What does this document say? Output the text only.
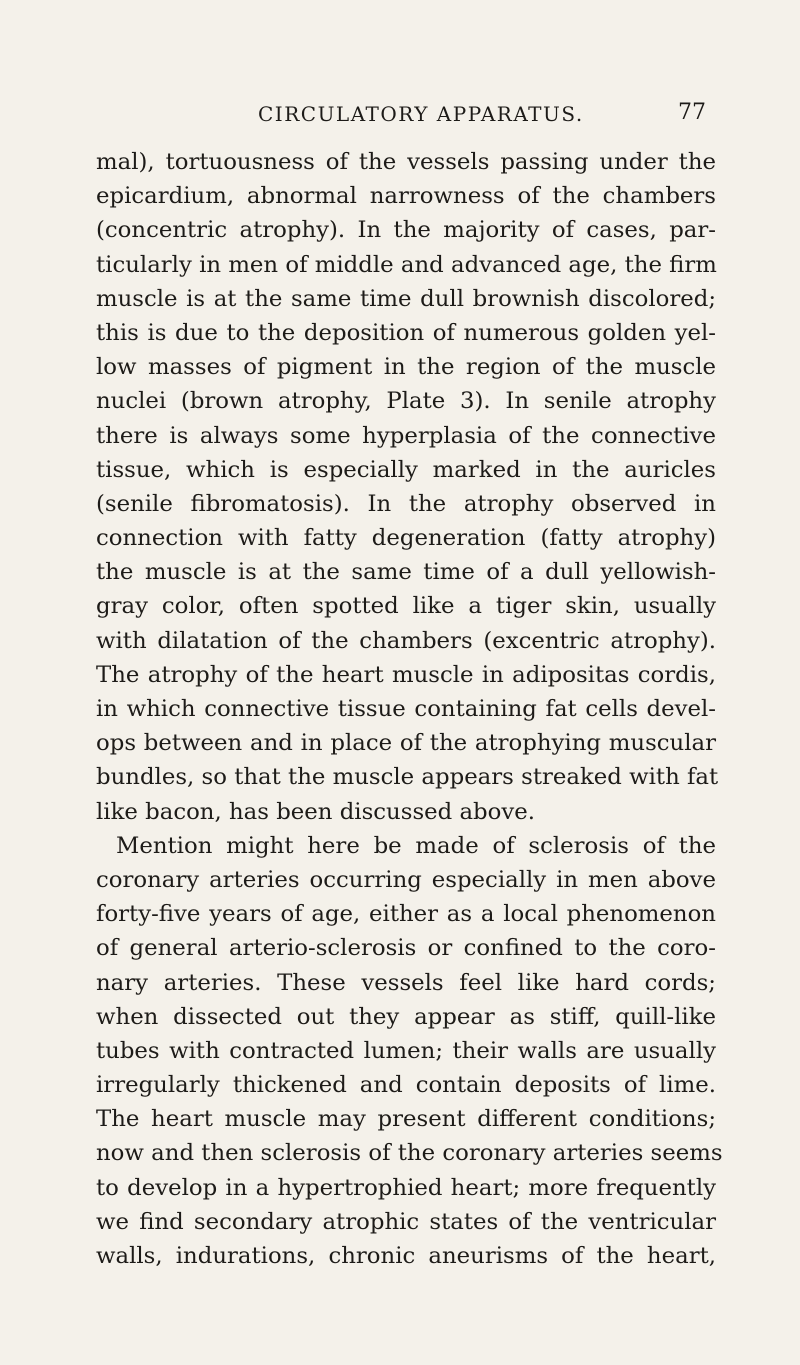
CIRCULATORY APPARATUS.	77
mal), tortuousness of the vessels passing under the
epicardium, abnormal narrowness of the chambers
(concentric atrophy). In the majority of cases, par-
ticularly in men of middle and advanced age, the firm
muscle is at the same time dull brownish discolored;
this is due to the deposition of numerous golden yel-
low masses of pigment in the region of the muscle
nuclei (brown atrophy, Plate 3). In senile atrophy
there is always some hyperplasia of the connective
tissue, which is especially marked in the auricles
(senile fibromatosis). In the atrophy observed in
connection with fatty degeneration (fatty atrophy)
the muscle is at the same time of a dull yellowish-
gray color, often spotted like a tiger skin, usually
with dilatation of the chambers (excentric atrophy).
The atrophy of the heart muscle in adipositas cordis,
in which connective tissue containing fat cells devel-
ops between and in place of the atrophying muscular
bundles, so that the muscle appears streaked with fat
like bacon, has been discussed above.
Mention might here be made of sclerosis of the
coronary arteries occurring especially in men above
forty-five years of age, either as a local phenomenon
of general arterio-sclerosis or confined to the coro-
nary arteries. These vessels feel like hard cords;
when dissected out they appear as stiff, quill-like
tubes with contracted lumen; their walls are usually
irregularly thickened and contain deposits of lime.
The heart muscle may present different conditions;
now and then sclerosis of the coronary arteries seems
to develop in a hypertrophied heart; more frequently
we find secondary atrophic states of the ventricular
walls, indurations, chronic aneurisms of the heart,
